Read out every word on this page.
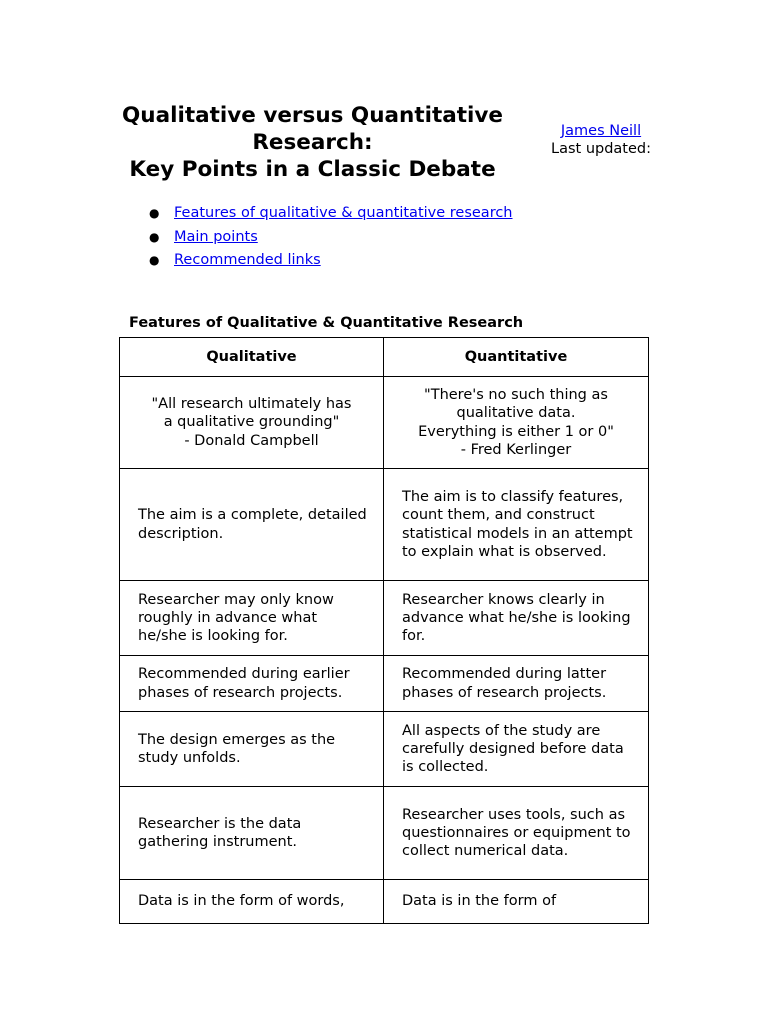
Qualitative versus Quantitative
Research:
Key Points in a Classic Debate
James Neill
Last updated:
● Features of qualitative & quantitative research
● Main points
● Recommended links
Features of Qualitative & Quantitative Research
Qualitative	Quantitative

"All research ultimately has
a qualitative grounding"
- Donald Campbell	"There's no such thing as
qualitative data.
Everything is either 1 or 0"
- Fred Kerlinger

The aim is a complete, detailed description.	The aim is to classify features, count them, and construct statistical models in an attempt to explain what is observed.
Researcher may only know roughly in advance what he/she is looking for.	Researcher knows clearly in advance what he/she is looking for.
Recommended during earlier phases of research projects.	Recommended during latter phases of research projects.
The design emerges as the study unfolds.	All aspects of the study are carefully designed before data is collected.
Researcher is the data gathering instrument.	Researcher uses tools, such as questionnaires or equipment to collect numerical data.
Data is in the form of words,	Data is in the form of
